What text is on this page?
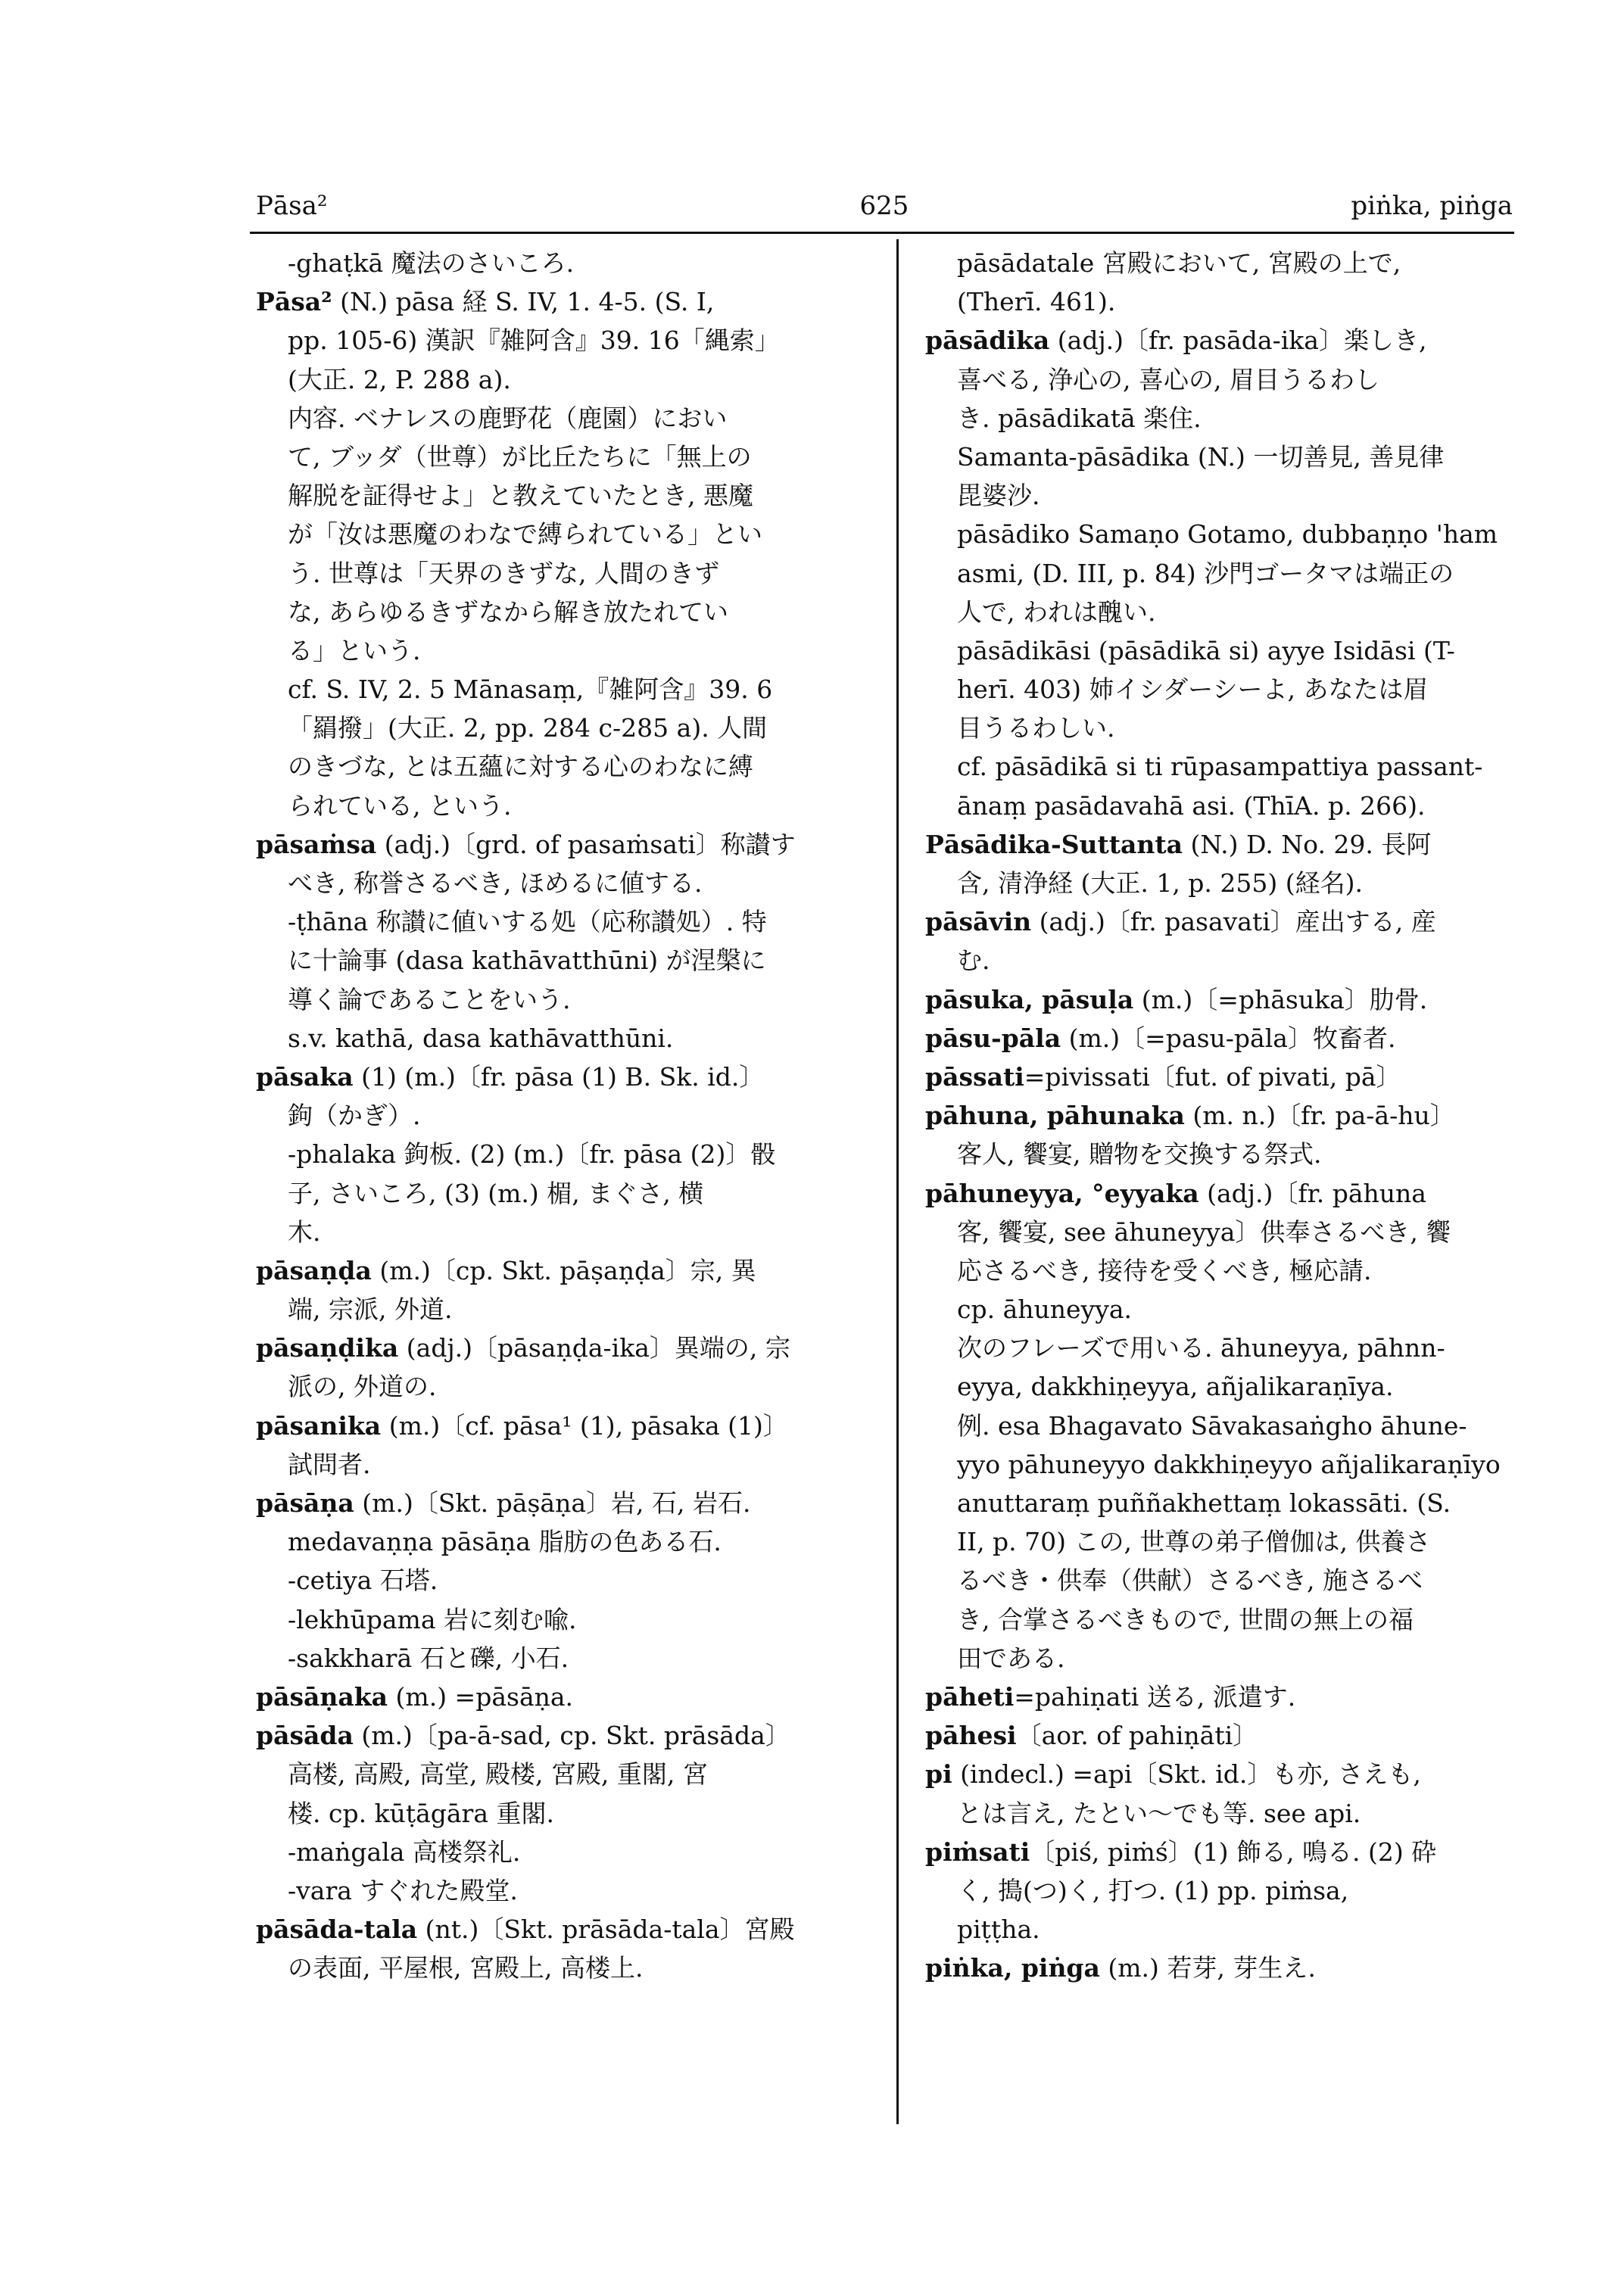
625
Pāsa²	piṅka, piṅga
-ghaṭkā 魔法のさいころ.
Pāsa² (N.) pāsa 経 S. IV, 1. 4-5. (S. I,
pp. 105-6) 漢訳『雑阿含』39. 16「縄索」
(大正. 2, P. 288 a).
内容. ベナレスの鹿野花（鹿園）におい
て, ブッダ（世尊）が比丘たちに「無上の
解脱を証得せよ」と教えていたとき, 悪魔
が「汝は悪魔のわなで縛られている」とい
う. 世尊は「天界のきずな, 人間のきず
な, あらゆるきずなから解き放たれてい
る」という.
cf. S. IV, 2. 5 Mānasaṃ,『雑阿含』39. 6
「羂撥」(大正. 2, pp. 284 c-285 a). 人間
のきづな, とは五蘊に対する心のわなに縛
られている, という.
pāsaṁsa (adj.)〔grd. of pasaṁsati〕称讃す
べき, 称誉さるべき, ほめるに値する.
-ṭhāna 称讃に値いする処（応称讃処）. 特
に十論事 (dasa kathāvatthūni) が涅槃に
導く論であることをいう.
s.v. kathā, dasa kathāvatthūni.
pāsaka (1) (m.)〔fr. pāsa (1) B. Sk. id.〕
鉤（かぎ）.
-phalaka 鉤板. (2) (m.)〔fr. pāsa (2)〕骰
子, さいころ, (3) (m.) 楣, まぐさ, 横
木.
pāsaṇḍa (m.)〔cp. Skt. pāṣaṇḍa〕宗, 異
端, 宗派, 外道.
pāsaṇḍika (adj.)〔pāsaṇḍa-ika〕異端の, 宗
派の, 外道の.
pāsanika (m.)〔cf. pāsa¹ (1), pāsaka (1)〕
試問者.
pāsāṇa (m.)〔Skt. pāṣāṇa〕岩, 石, 岩石.
medavaṇṇa pāsāṇa 脂肪の色ある石.
-cetiya 石塔.
-lekhūpama 岩に刻む喩.
-sakkharā 石と礫, 小石.
pāsāṇaka (m.) =pāsāṇa.
pāsāda (m.)〔pa-ā-sad, cp. Skt. prāsāda〕
高楼, 高殿, 高堂, 殿楼, 宮殿, 重閣, 宮
楼. cp. kūṭāgāra 重閣.
-maṅgala 高楼祭礼.
-vara すぐれた殿堂.
pāsāda-tala (nt.)〔Skt. prāsāda-tala〕宮殿
の表面, 平屋根, 宮殿上, 高楼上.
pāsādatale 宮殿において, 宮殿の上で,
(Therī. 461).
pāsādika (adj.)〔fr. pasāda-ika〕楽しき,
喜べる, 浄心の, 喜心の, 眉目うるわし
き. pāsādikatā 楽住.
Samanta-pāsādika (N.) 一切善見, 善見律
毘婆沙.
pāsādiko Samaṇo Gotamo, dubbaṇṇo 'ham
asmi, (D. III, p. 84) 沙門ゴータマは端正の
人で, われは醜い.
pāsādikāsi (pāsādikā si) ayye Isidāsi (T-
herī. 403) 姉イシダーシーよ, あなたは眉
目うるわしい.
cf. pāsādikā si ti rūpasampattiya passant-
ānaṃ pasādavahā asi. (ThīA. p. 266).
Pāsādika-Suttanta (N.) D. No. 29. 長阿
含, 清浄経 (大正. 1, p. 255) (経名).
pāsāvin (adj.)〔fr. pasavati〕産出する, 産
む.
pāsuka, pāsuḷa (m.)〔=phāsuka〕肋骨.
pāsu-pāla (m.)〔=pasu-pāla〕牧畜者.
pāssati=pivissati〔fut. of pivati, pā〕
pāhuna, pāhunaka (m. n.)〔fr. pa-ā-hu〕
客人, 饗宴, 贈物を交換する祭式.
pāhuneyya, °eyyaka (adj.)〔fr. pāhuna
客, 饗宴, see āhuneyya〕供奉さるべき, 饗
応さるべき, 接待を受くべき, 極応請.
cp. āhuneyya.
次のフレーズで用いる. āhuneyya, pāhnn-
eyya, dakkhiṇeyya, añjalikaraṇīya.
例. esa Bhagavato Sāvakasaṅgho āhune-
yyo pāhuneyyo dakkhiṇeyyo añjalikaraṇīyo
anuttaraṃ puññakhettaṃ lokassāti. (S.
II, p. 70) この, 世尊の弟子僧伽は, 供養さ
るべき・供奉（供献）さるべき, 施さるべ
き, 合掌さるべきもので, 世間の無上の福
田である.
pāheti=pahiṇati 送る, 派遣す.
pāhesi〔aor. of pahiṇāti〕
pi (indecl.) =api〔Skt. id.〕も亦, さえも,
とは言え, たとい〜でも等. see api.
piṁsati〔piś, piṁś〕(1) 飾る, 鳴る. (2) 砕
く, 搗(つ)く, 打つ. (1) pp. piṁsa,
piṭṭha.
piṅka, piṅga (m.) 若芽, 芽生え.
